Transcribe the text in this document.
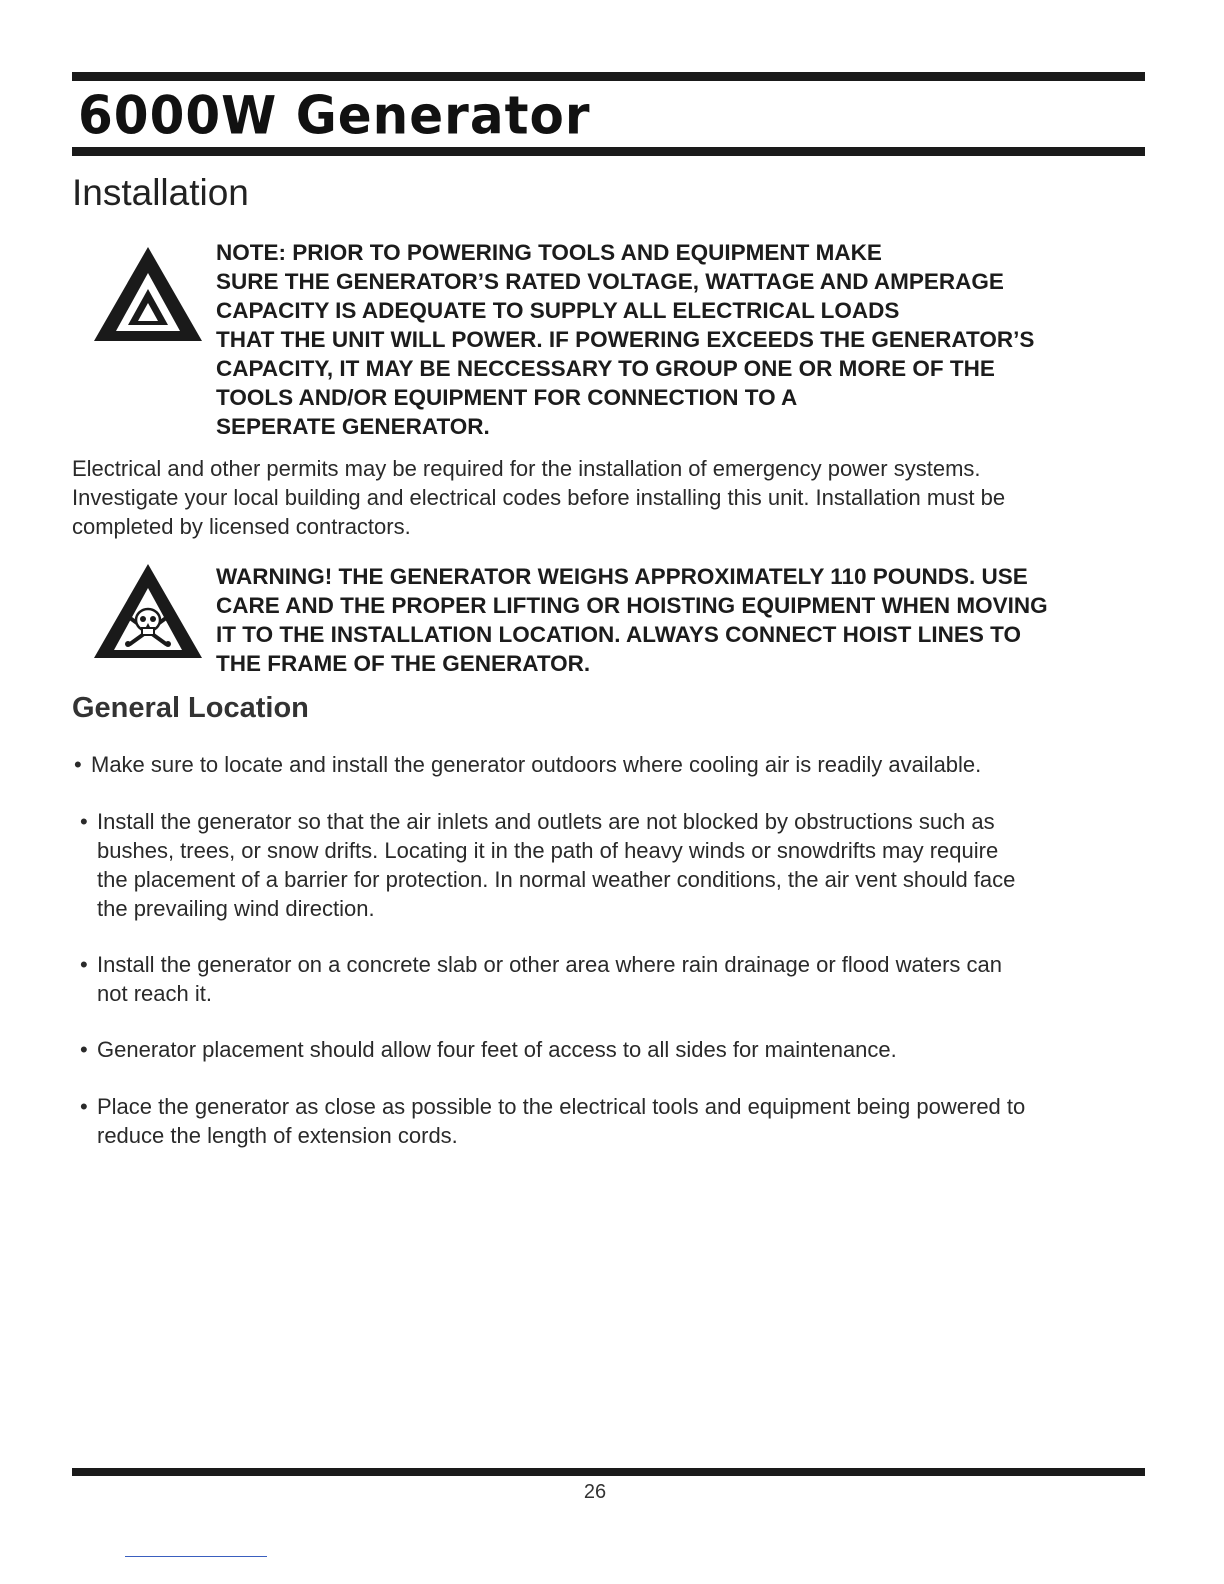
6000W Generator
Installation
NOTE: PRIOR TO POWERING TOOLS AND EQUIPMENT MAKE
SURE THE GENERATOR’S RATED VOLTAGE, WATTAGE AND AMPERAGE
CAPACITY IS ADEQUATE TO SUPPLY ALL ELECTRICAL LOADS
THAT THE UNIT WILL POWER. IF POWERING EXCEEDS THE GENERATOR’S
CAPACITY, IT MAY BE NECCESSARY TO GROUP ONE OR MORE OF THE
TOOLS AND/OR EQUIPMENT FOR CONNECTION TO A
SEPERATE GENERATOR.

Electrical and other permits may be required for the installation of emergency power systems.
Investigate your local building and electrical codes before installing this unit. Installation must be
completed by licensed contractors.

WARNING! THE GENERATOR WEIGHS APPROXIMATELY 110 POUNDS. USE
CARE AND THE PROPER LIFTING OR HOISTING EQUIPMENT WHEN MOVING
IT TO THE INSTALLATION LOCATION. ALWAYS CONNECT HOIST LINES TO
THE FRAME OF THE GENERATOR.
General Location
• Make sure to locate and install the generator outdoors where cooling air is readily available.
• Install the generator so that the air inlets and outlets are not blocked by obstructions such as
bushes, trees, or snow drifts. Locating it in the path of heavy winds or snowdrifts may require
the placement of a barrier for protection. In normal weather conditions, the air vent should face
the prevailing wind direction.
• Install the generator on a concrete slab or other area where rain drainage or flood waters can
not reach it.
• Generator placement should allow four feet of access to all sides for maintenance.
• Place the generator as close as possible to the electrical tools and equipment being powered to
reduce the length of extension cords.
26
